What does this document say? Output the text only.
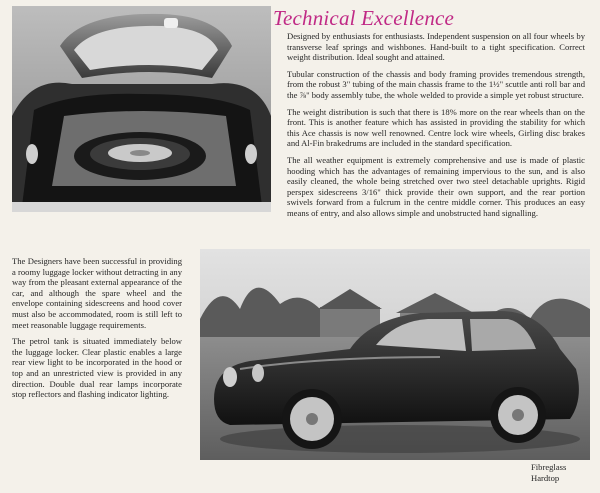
Technical Excellence

Designed by enthusiasts for enthusiasts. Independent suspension on all four wheels by transverse leaf springs and wishbones. Hand-built to a tight specification. Correct weight distribution. Ideal sought and attained.

Tubular construction of the chassis and body framing provides tremendous strength, from the robust 3" tubing of the main chassis frame to the 1½" scuttle anti roll bar and the ⅞" body assembly tube, the whole welded to provide a simple yet robust structure.

The weight distribution is such that there is 18% more on the rear wheels than on the front. This is another feature which has assisted in providing the stability for which this Ace chassis is now well renowned. Centre lock wire wheels, Girling disc brakes and Al-Fin brakedrums are included in the standard specification.

The all weather equipment is extremely comprehensive and use is made of plastic hooding which has the advantages of remaining impervious to the sun, and is also easily cleaned, the whole being stretched over two steel detachable uprights. Rigid perspex sidescreens 3/16" thick provide their own support, and the rear portion swivels forward from a fulcrum in the centre middle corner. This produces an easy means of entry, and also allows simple and unobstructed hand signalling.

The Designers have been successful in providing a roomy luggage locker without detracting in any way from the pleasant external appearance of the car, and although the spare wheel and the envelope containing sidescreens and hood cover must also be accommodated, room is still left to meet reasonable luggage requirements.

The petrol tank is situated immediately below the luggage locker. Clear plastic enables a large rear view light to be incorporated in the hood or top and an unrestricted view is provided in any direction. Double dual rear lamps incorporate stop reflectors and flashing indicator lighting.

Fibreglass
Hardtop
